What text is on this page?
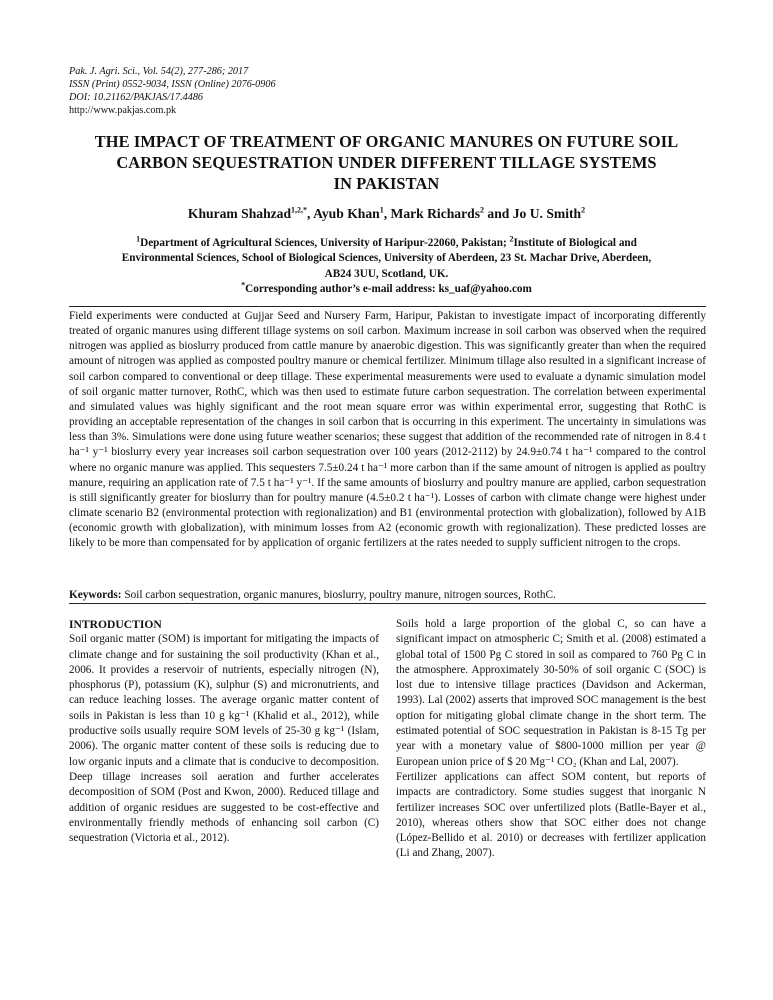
Pak. J. Agri. Sci., Vol. 54(2), 277-286; 2017
ISSN (Print) 0552-9034, ISSN (Online) 2076-0906
DOI: 10.21162/PAKJAS/17.4486
http://www.pakjas.com.pk
THE IMPACT OF TREATMENT OF ORGANIC MANURES ON FUTURE SOIL
CARBON SEQUESTRATION UNDER DIFFERENT TILLAGE SYSTEMS
IN PAKISTAN
Khuram Shahzad$^{1,2,*}$, Ayub Khan$^1$, Mark Richards$^2$ and Jo U. Smith$^2$
$^1$Department of Agricultural Sciences, University of Haripur-22060, Pakistan; $^2$Institute of Biological and
Environmental Sciences, School of Biological Sciences, University of Aberdeen, 23 St. Machar Drive, Aberdeen,
AB24 3UU, Scotland, UK.
*Corresponding author’s e-mail address: ks_uaf@yahoo.com

Field experiments were conducted at Gujjar Seed and Nursery Farm, Haripur, Pakistan to investigate impact of incorporating differently treated of organic manures using different tillage systems on soil carbon. Maximum increase in soil carbon was observed when the required nitrogen was applied as bioslurry produced from cattle manure by anaerobic digestion. This was significantly greater than when the required amount of nitrogen was applied as composted poultry manure or chemical fertilizer. Minimum tillage also resulted in a significant increase of soil carbon compared to conventional or deep tillage. These experimental measurements were used to evaluate a dynamic simulation model of soil organic matter turnover, RothC, which was then used to estimate future carbon sequestration. The correlation between experimental and simulated values was highly significant and the root mean square error was within experimental error, suggesting that RothC is providing an acceptable representation of the changes in soil carbon that is occurring in this experiment. The uncertainty in simulations was less than 3%. Simulations were done using future weather scenarios; these suggest that addition of the recommended rate of nitrogen in 8.4 t ha⁻¹ y⁻¹ bioslurry every year increases soil carbon sequestration over 100 years (2012-2112) by 24.9±0.74 t ha⁻¹ compared to the control where no organic manure was applied. This sequesters 7.5±0.24 t ha⁻¹ more carbon than if the same amount of nitrogen is applied as poultry manure, requiring an application rate of 7.5 t ha⁻¹ y⁻¹. If the same amounts of bioslurry and poultry manure are applied, carbon sequestration is still significantly greater for bioslurry than for poultry manure (4.5±0.2 t ha⁻¹). Losses of carbon with climate change were highest under climate scenario B2 (environmental protection with regionalization) and B1 (environmental protection with globalization), followed by A1B (economic growth with globalization), with minimum losses from A2 (economic growth with regionalization). These predicted losses are likely to be more than compensated for by application of organic fertilizers at the rates needed to supply sufficient nitrogen to the crops.

Keywords: Soil carbon sequestration, organic manures, bioslurry, poultry manure, nitrogen sources, RothC.
INTRODUCTION

Soil organic matter (SOM) is important for mitigating the impacts of climate change and for sustaining the soil productivity (Khan et al., 2006. It provides a reservoir of nutrients, especially nitrogen (N), phosphorus (P), potassium (K), sulphur (S) and micronutrients, and can reduce leaching losses. The average organic matter content of soils in Pakistan is less than 10 g kg⁻¹ (Khalid et al., 2012), while productive soils usually require SOM levels of 25-30 g kg⁻¹ (Islam, 2006). The organic matter content of these soils is reducing due to low organic inputs and a climate that is conducive to decomposition. Deep tillage increases soil aeration and further accelerates decomposition of SOM (Post and Kwon, 2000). Reduced tillage and addition of organic residues are suggested to be cost-effective and environmentally friendly methods of enhancing soil carbon (C) sequestration (Victoria et al., 2012).

Soils hold a large proportion of the global C, so can have a significant impact on atmospheric C; Smith et al. (2008) estimated a global total of 1500 Pg C stored in soil as compared to 760 Pg C in the atmosphere. Approximately 30-50% of soil organic C (SOC) is lost due to intensive tillage practices (Davidson and Ackerman, 1993). Lal (2002) asserts that improved SOC management is the best option for mitigating global climate change in the short term. The estimated potential of SOC sequestration in Pakistan is 8-15 Tg per year with a monetary value of $800-1000 million per year @ European union price of $ 20 Mg⁻¹ CO₂ (Khan and Lal, 2007).

Fertilizer applications can affect SOM content, but reports of impacts are contradictory. Some studies suggest that inorganic N fertilizer increases SOC over unfertilized plots (Batlle-Bayer et al., 2010), whereas others show that SOC either does not change (López-Bellido et al. 2010) or decreases with fertilizer application (Li and Zhang, 2007).
